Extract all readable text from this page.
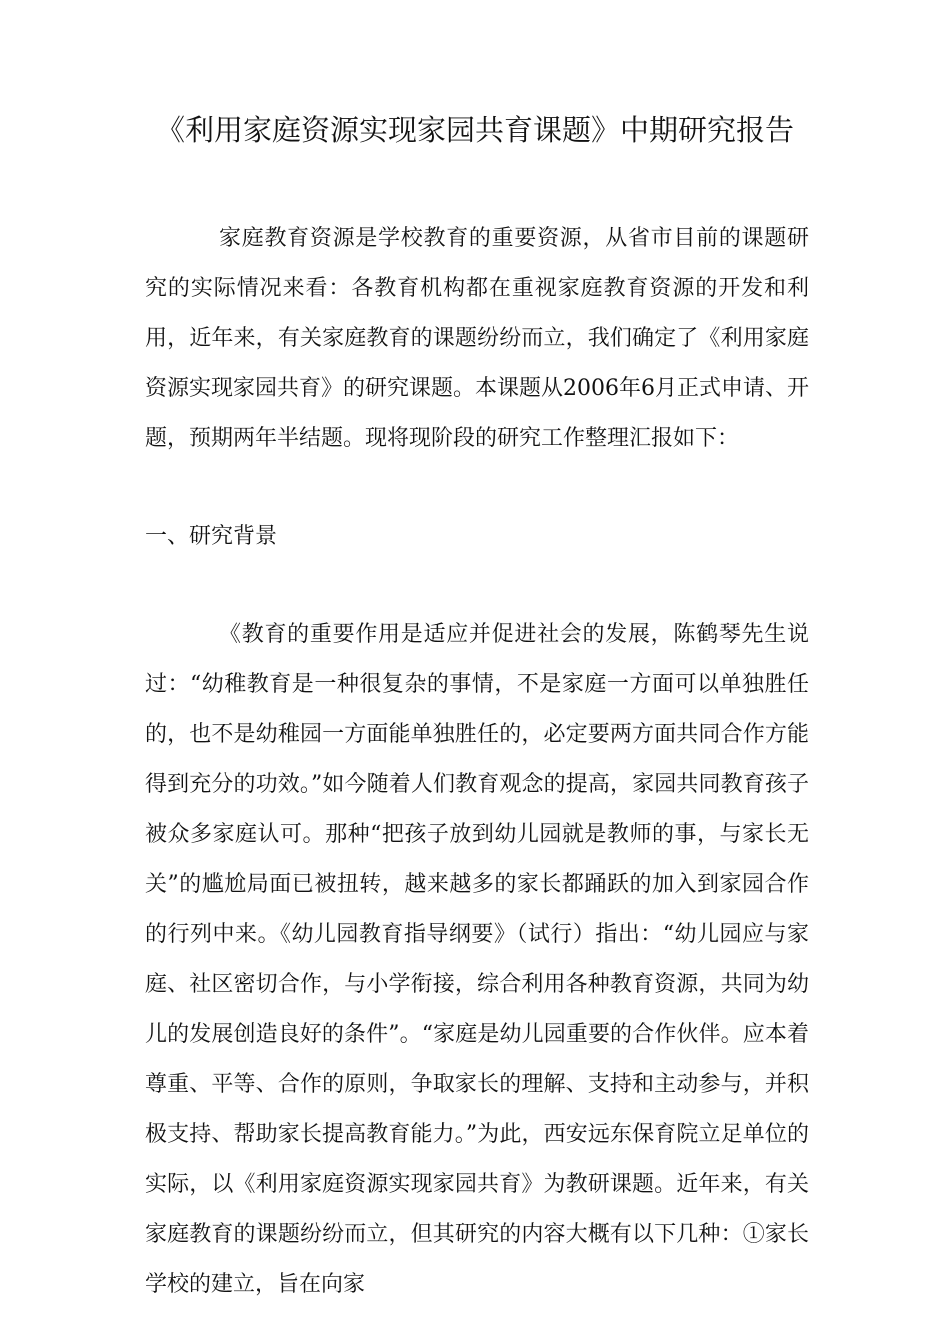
《利用家庭资源实现家园共育课题》中期研究报告

家庭教育资源是学校教育的重要资源，从省市目前的课题研究的实际情况来看：各教育机构都在重视家庭教育资源的开发和利用，近年来，有关家庭教育的课题纷纷而立，我们确定了《利用家庭资源实现家园共育》的研究课题。本课题从2006年6月正式申请、开题，预期两年半结题。现将现阶段的研究工作整理汇报如下：

一、研究背景

《教育的重要作用是适应并促进社会的发展，陈鹤琴先生说过：“幼稚教育是一种很复杂的事情，不是家庭一方面可以单独胜任的，也不是幼稚园一方面能单独胜任的，必定要两方面共同合作方能得到充分的功效。”如今随着人们教育观念的提高，家园共同教育孩子被众多家庭认可。那种“把孩子放到幼儿园就是教师的事，与家长无关”的尴尬局面已被扭转，越来越多的家长都踊跃的加入到家园合作的行列中来。《幼儿园教育指导纲要》（试行）指出：“幼儿园应与家庭、社区密切合作，与小学衔接，综合利用各种教育资源，共同为幼儿的发展创造良好的条件”。“家庭是幼儿园重要的合作伙伴。应本着尊重、平等、合作的原则，争取家长的理解、支持和主动参与，并积极支持、帮助家长提高教育能力。”为此，西安远东保育院立足单位的实际，以《利用家庭资源实现家园共育》为教研课题。近年来，有关家庭教育的课题纷纷而立，但其研究的内容大概有以下几种：①家长学校的建立，旨在向家
